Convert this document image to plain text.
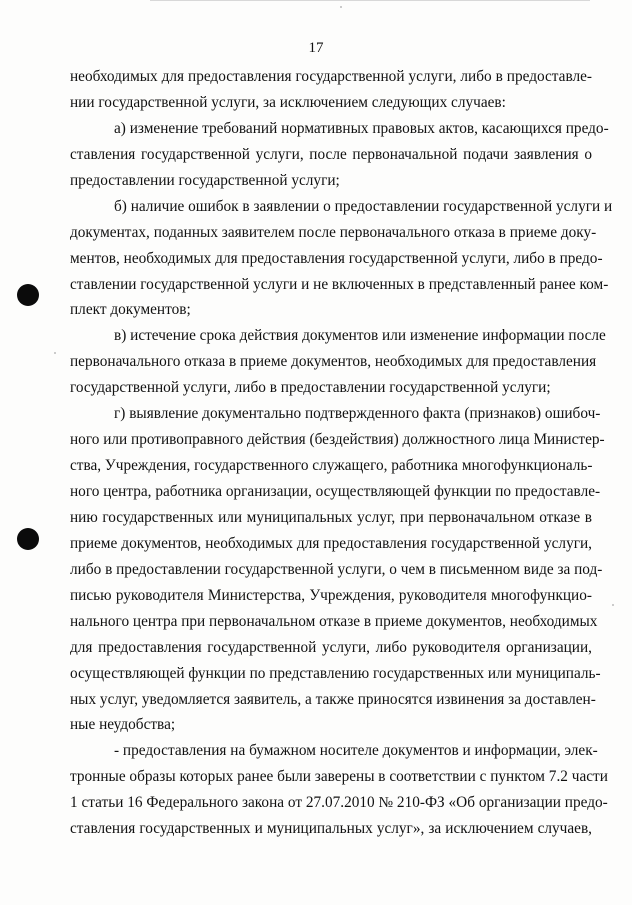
17
необходимых для предоставления государственной услуги, либо в предоставле-
нии государственной услуги, за исключением следующих случаев:
а) изменение требований нормативных правовых актов, касающихся предо-
ставления государственной услуги, после первоначальной подачи заявления о
предоставлении государственной услуги;
б) наличие ошибок в заявлении о предоставлении государственной услуги и
документах, поданных заявителем после первоначального отказа в приеме доку-
ментов, необходимых для предоставления государственной услуги, либо в предо-
ставлении государственной услуги и не включенных в представленный ранее ком-
плект документов;
в) истечение срока действия документов или изменение информации после
первоначального отказа в приеме документов, необходимых для предоставления
государственной услуги, либо в предоставлении государственной услуги;
г) выявление документально подтвержденного факта (признаков) ошибоч-
ного или противоправного действия (бездействия) должностного лица Министер-
ства, Учреждения, государственного служащего, работника многофункциональ-
ного центра, работника организации, осуществляющей функции по предоставле-
нию государственных или муниципальных услуг, при первоначальном отказе в
приеме документов, необходимых для предоставления государственной услуги,
либо в предоставлении государственной услуги, о чем в письменном виде за под-
писью руководителя Министерства, Учреждения, руководителя многофункцио-
нального центра при первоначальном отказе в приеме документов, необходимых
для предоставления государственной услуги, либо руководителя организации,
осуществляющей функции по представлению государственных или муниципаль-
ных услуг, уведомляется заявитель, а также приносятся извинения за доставлен-
ные неудобства;
- предоставления на бумажном носителе документов и информации, элек-
тронные образы которых ранее были заверены в соответствии с пунктом 7.2 части
1 статьи 16 Федерального закона от 27.07.2010 № 210-ФЗ «Об организации предо-
ставления государственных и муниципальных услуг», за исключением случаев,
